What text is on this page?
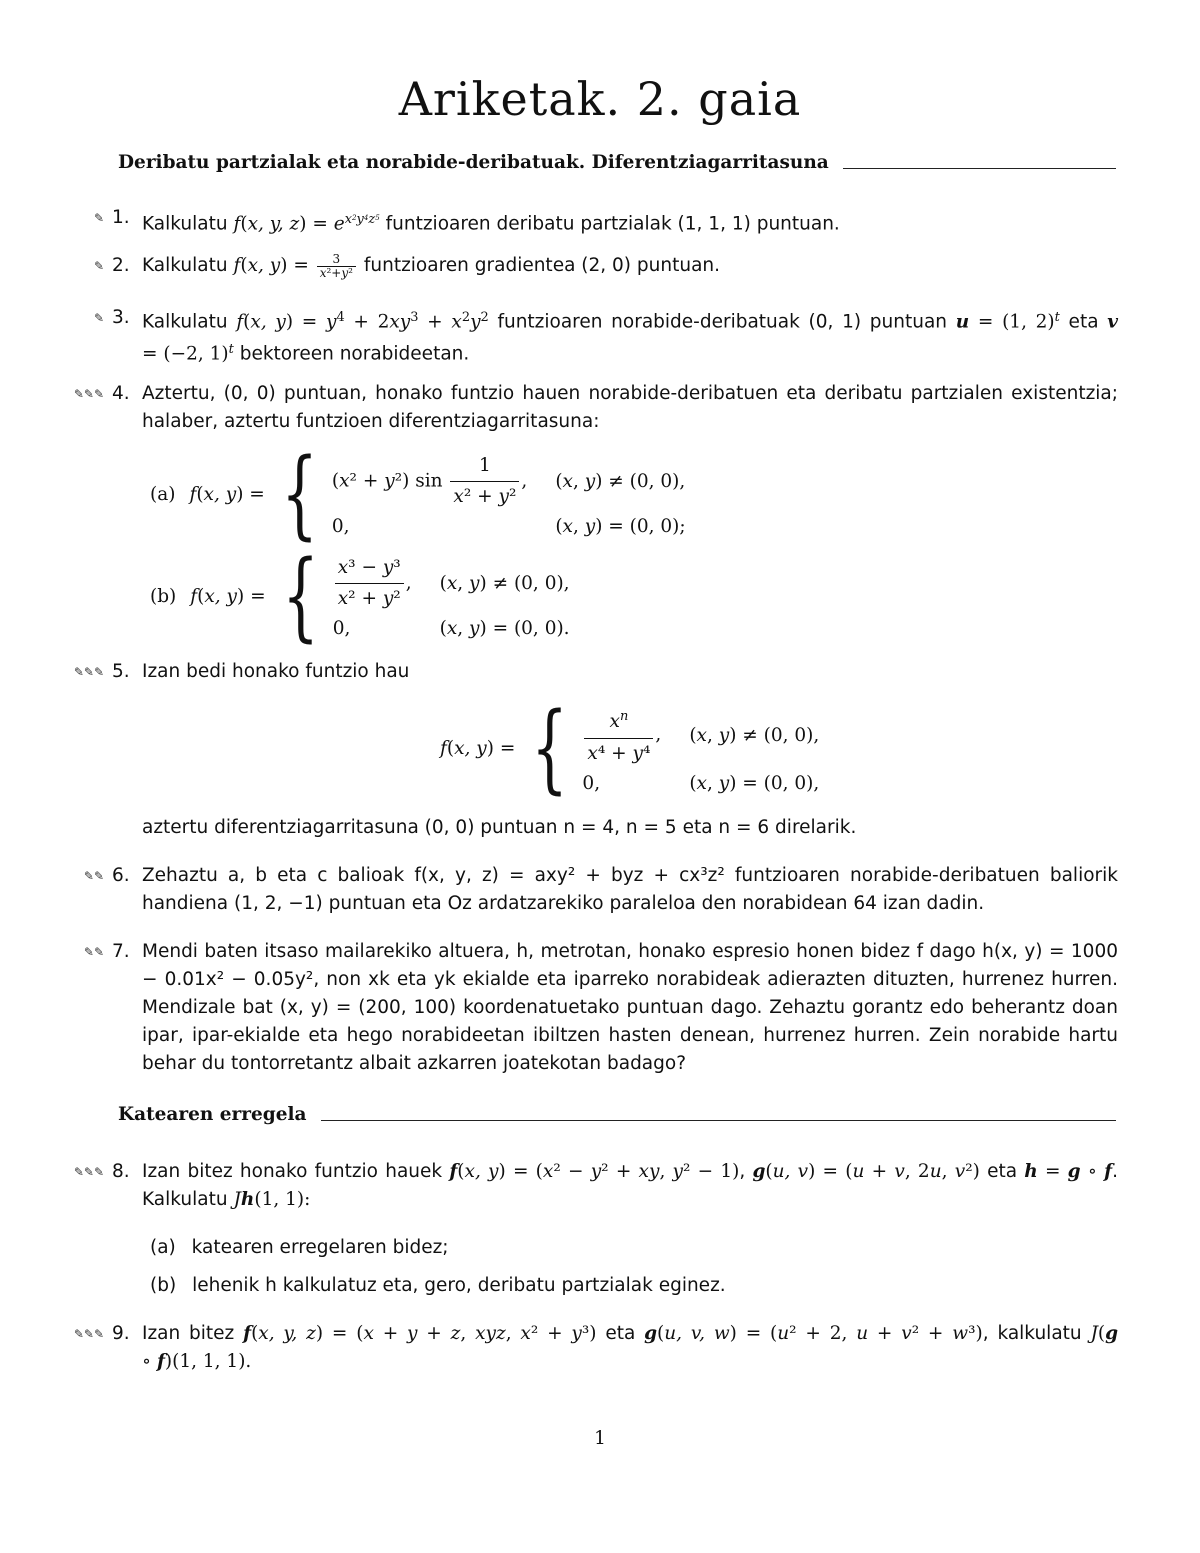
Ariketak. 2. gaia
Deribatu partzialak eta norabide-deribatuak. Diferentziagarritasuna
✎ 1. Kalkulatu f(x, y, $z) = e^{x^2y^4z^5}$ funtzioaren deribatu partzialak (1, 1, 1) puntuan.
✎ 2. Kalkulatu f(x, $y) = \frac{3}{\text{x²+y²}}$ funtzioaren gradientea (2, 0) puntuan.
✎ 3. Kalkulatu f(x, $y) = y^4 + 2xy^3 + x^2y^2$ funtzioaren norabide-deribatuak (0, 1) puntuan u = (1, 2)$^t$ eta v = (−2, 1)$^t$ bektoreen norabideetan.
✎✎✎ 4. Aztertu, (0, 0) puntuan, honako funtzio hauen norabide-deribatuen eta deribatu partzialen existentzia; halaber, aztertu funtzioen diferentziagarritasuna:
(a) f ( x, y ) = { (x² + y²) $\sin \frac{1}{\text{x² + y²}}$ , (x, y) ≠ (0, 0),
0,	(x, y) = (0, 0);
(b) f ( x, y ) = { $\frac{\text{x³ − y³}}{\text{x² + y²}}$ , (x, y) ≠ (0, 0),
0,	(x, y) = (0, 0).
✎✎✎ 5. Izan bedi honako funtzio hau
f ( x, y ) = { $\frac{x^n}{\text{x⁴ + y⁴}}$ , (x, y) ≠ (0, 0),
0,	(x, y) = (0, 0),
aztertu diferentziagarritasuna (0, 0) puntuan n = 4, n = 5 eta n = 6 direlarik.
✎✎ 6. Zehaztu a, b eta c balioak f(x, y, z) = axy² + byz + cx³z² funtzioaren norabide-deribatuen baliorik handiena (1, 2, −1) puntuan eta Oz ardatzarekiko paraleloa den norabidean 64 izan dadin.
✎✎ 7. Mendi baten itsaso mailarekiko altuera, h, metrotan, honako espresio honen bidez f dago h(x, y) = 1000 − 0.01x² − 0.05y², non xk eta yk ekialde eta iparreko norabideak adierazten dituzten, hurrenez hurren. Mendizale bat (x, y) = (200, 100) koordenatuetako puntuan dago. Zehaztu gorantz edo beherantz doan ipar, ipar-ekialde eta hego norabideetan ibiltzen hasten denean, hurrenez hurren. Zein norabide hartu behar du tontorretantz albait azkarren joatekotan badago?
Katearen erregela
✎✎✎ 8. Izan bitez honako funtzio hauek f(x, y) = (x² − y² + xy, y² − 1), g(u, v) = (u + v, 2u, v²) eta h = g ∘ f. Kalkulatu Jh(1, 1):
(a) katearen erregelaren bidez;
(b) lehenik h kalkulatuz eta, gero, deribatu partzialak eginez.
✎✎✎ 9. Izan bitez f(x, y, z) = (x + y + z, xyz, x² + y³) eta g(u, v, w) = (u² + 2, u + v² + w³), kalkulatu J(g ∘ f)(1, 1, 1).
1
